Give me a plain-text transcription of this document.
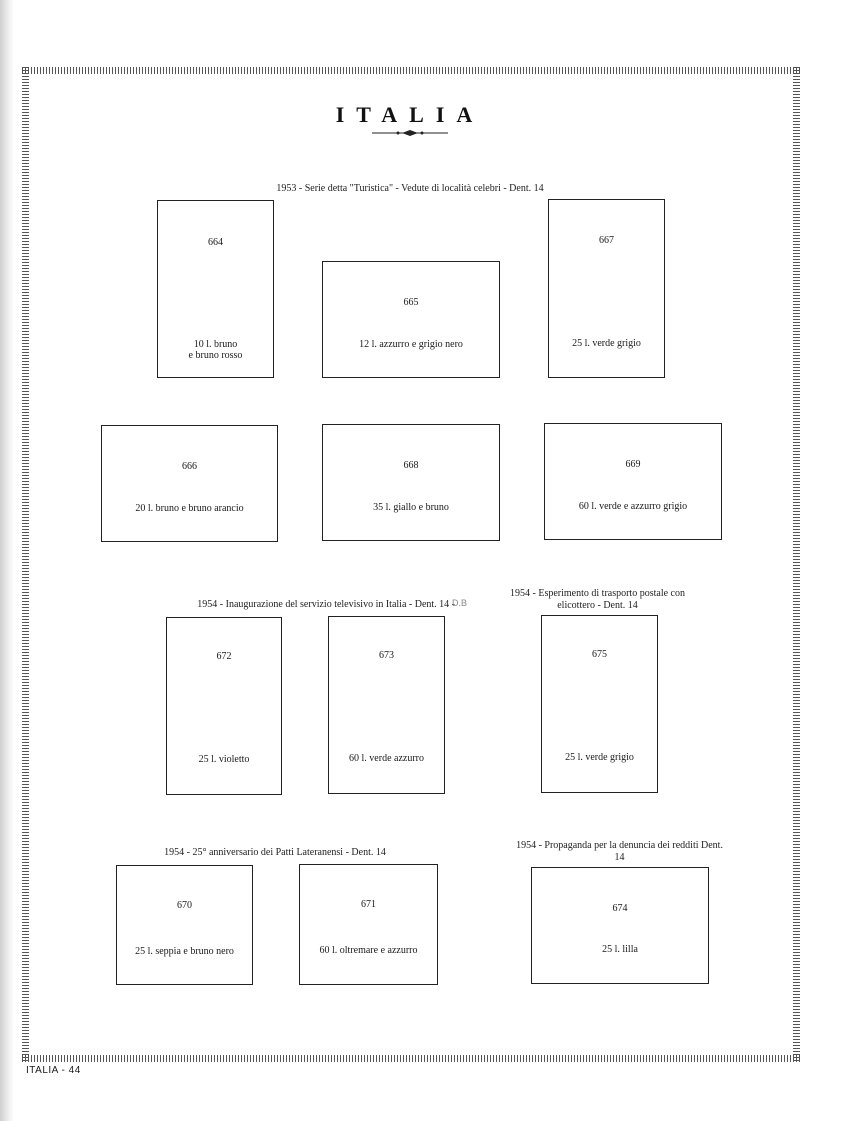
ITALIA
1953 - Serie detta "Turistica" - Vedute di località celebri - Dent. 14
1954 - Inaugurazione del servizio televisivo in Italia - Dent. 14 -
D.B
1954 - Esperimento di trasporto postale con elicottero - Dent. 14
1954 - 25° anniversario dei Patti Lateranensi - Dent. 14
1954 - Propaganda per la denuncia dei redditi Dent. 14
664
10 l. bruno
e bruno rosso
665
12 l. azzurro e grigio nero
667
25 l. verde grigio
666
20 l. bruno e bruno arancio
668
35 l. giallo e bruno
669
60 l. verde e azzurro grigio
672
25 l. violetto
673
60 l. verde azzurro
675
25 l. verde grigio
670
25 l. seppia e bruno nero
671
60 l. oltremare e azzurro
674
25 l. lilla
ITALIA - 44
